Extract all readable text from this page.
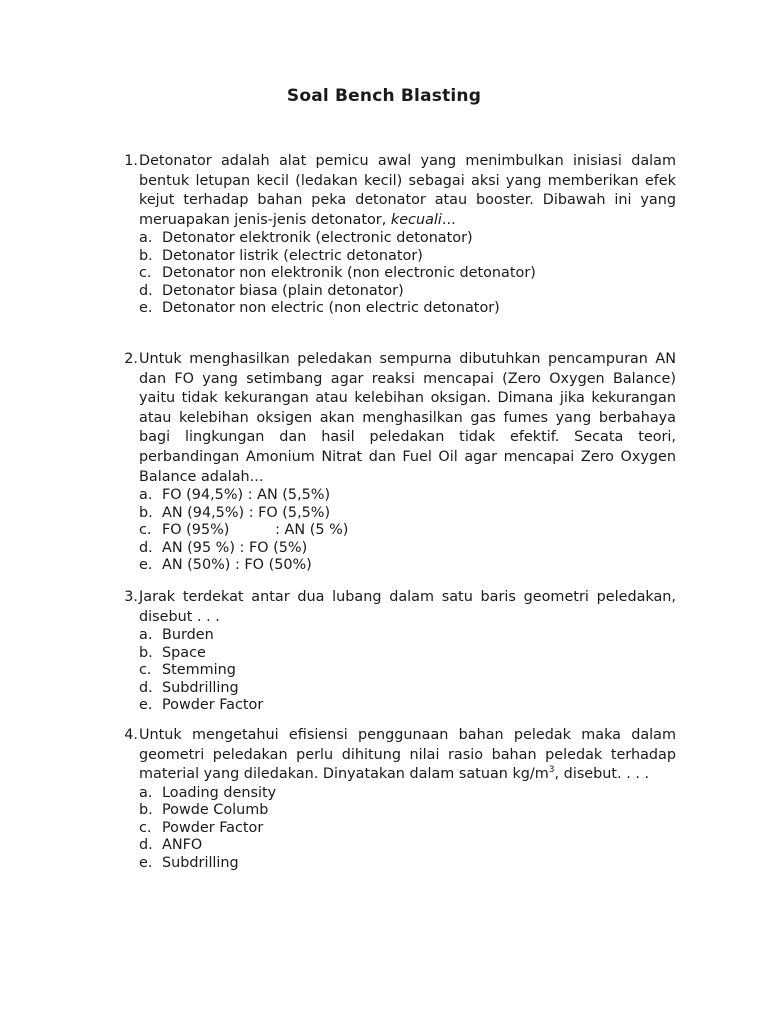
Soal Bench Blasting
1. Detonator adalah alat pemicu awal yang menimbulkan inisiasi dalam bentuk letupan kecil (ledakan kecil) sebagai aksi yang memberikan efek kejut terhadap bahan peka detonator atau booster. Dibawah ini yang meruapakan jenis-jenis detonator, kecuali...
a. Detonator elektronik (electronic detonator)
b. Detonator listrik (electric detonator)
c. Detonator non elektronik (non electronic detonator)
d. Detonator biasa (plain detonator)
e. Detonator non electric (non electric detonator)
2. Untuk menghasilkan peledakan sempurna dibutuhkan pencampuran AN dan FO yang setimbang agar reaksi mencapai (Zero Oxygen Balance) yaitu tidak kekurangan atau kelebihan oksigan. Dimana jika kekurangan atau kelebihan oksigen akan menghasilkan gas fumes yang berbahaya bagi lingkungan dan hasil peledakan tidak efektif. Secata teori, perbandingan Amonium Nitrat dan Fuel Oil agar mencapai Zero Oxygen Balance adalah...
a. FO (94,5%) : AN (5,5%)
b. AN (94,5%) : FO (5,5%)
c. FO (95%)          : AN (5 %)
d. AN (95 %) : FO (5%)
e. AN (50%) : FO (50%)
3. Jarak terdekat antar dua lubang dalam satu baris geometri peledakan, disebut . . .
a. Burden
b. Space
c. Stemming
d. Subdrilling
e. Powder Factor
4. Untuk mengetahui efisiensi penggunaan bahan peledak maka dalam geometri peledakan perlu dihitung nilai rasio bahan peledak terhadap material yang diledakan. Dinyatakan dalam satuan $kg/m^3$, disebut. . . .
a. Loading density
b. Powde Columb
c. Powder Factor
d. ANFO
e. Subdrilling
